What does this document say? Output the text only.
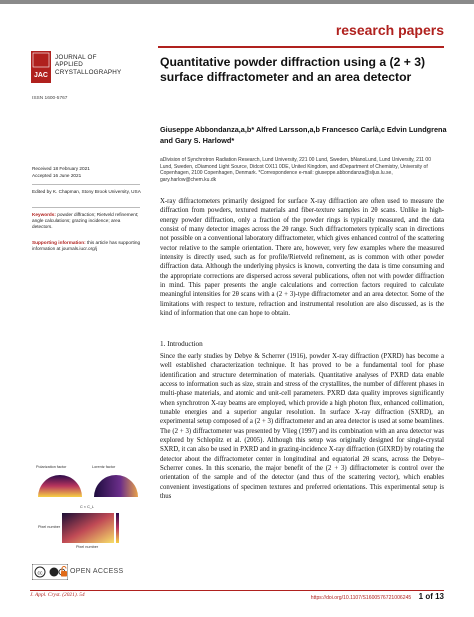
research papers
JAC
JOURNAL OF
APPLIED
CRYSTALLOGRAPHY
ISSN 1600-5767
Received 18 February 2021
Accepted 16 June 2021
Edited by K. Chapman, Stony Brook University, USA
Keywords: powder diffraction; Rietveld refinement; angle calculations; grazing incidence; area detectors.
Supporting information: this article has supporting information at journals.iucr.org/j
Quantitative powder diffraction using a (2 + 3) surface diffractometer and an area detector
Giuseppe Abbondanza,a,b* Alfred Larsson,a,b Francesco Carlà,c Edvin Lundgrena and Gary S. Harlowd*
aDivision of Synchrotron Radiation Research, Lund University, 221 00 Lund, Sweden, bNanoLund, Lund University, 211 00 Lund, Sweden, cDiamond Light Source, Didcot OX11 0DE, United Kingdom, and dDepartment of Chemistry, University of Copenhagen, 2100 Copenhagen, Denmark. *Correspondence e-mail: giuseppe.abbondanza@sljus.lu.se, gary.harlow@chem.ku.dk

X-ray diffractometers primarily designed for surface X-ray diffraction are often used to measure the diffraction from powders, textured materials and fiber-texture samples in 2θ scans. Unlike in high-energy powder diffraction, only a fraction of the powder rings is typically measured, and the data consist of many detector images across the 2θ range. Such diffractometers typically scan in directions not possible on a conventional laboratory diffractometer, which gives enhanced control of the scattering vector relative to the sample orientation. There are, however, very few examples where the measured intensity is directly used, such as for profile/Rietveld refinement, as is common with other powder diffraction data. Although the underlying physics is known, converting the data is time consuming and the appropriate corrections are dispersed across several publications, often not with powder diffraction in mind. This paper presents the angle calculations and correction factors required to calculate meaningful intensities for 2θ scans with a (2 + 3)-type diffractometer and an area detector. Some of the limitations with respect to texture, refraction and instrumental resolution are also discussed, as is the kind of information that one can hope to obtain.

1. Introduction

Since the early studies by Debye & Scherrer (1916), powder X-ray diffraction (PXRD) has become a well established characterization technique. It has proved to be a fundamental tool for phase identification and structure determination of materials. Quantitative analyses of PXRD data enable access to information such as size, strain and stress of the crystallites, the number of different phases in multi-phase materials, and atomic and unit-cell parameters. PXRD data quality improves significantly when synchrotron X-ray beams are employed, which provide a high photon flux, enhanced collimation, tunable energies and a superior angular resolution. In surface X-ray diffraction (SXRD), an experimental setup composed of a (2 + 3) diffractometer and an area detector is used at some beamlines. The (2 + 3) diffractometer was presented by Vlieg (1997) and its combination with an area detector was explored by Schlepütz et al. (2005). Although this setup was originally designed for single-crystal SXRD, it can also be used in PXRD and in grazing-incidence X-ray diffraction (GIXRD) by rotating the detector about the diffractometer center in longitudinal and equatorial 2θ scans, across the Debye–Scherrer cones. In this scenario, the major benefit of the (2 + 3) diffractometer is control over the orientation of the sample and of the detector (and thus of the scattering vector), which enables convenient investigations of specimen textures and preferred orientations. This experimental setup is thus

Polarization factor	Lorentz factor
C × C_L
Pixel number
Pixel number
cc	OPEN ACCESS
J. Appl. Cryst. (2021). 54	https://doi.org/10.1107/S1600576721006245 1 of 13
